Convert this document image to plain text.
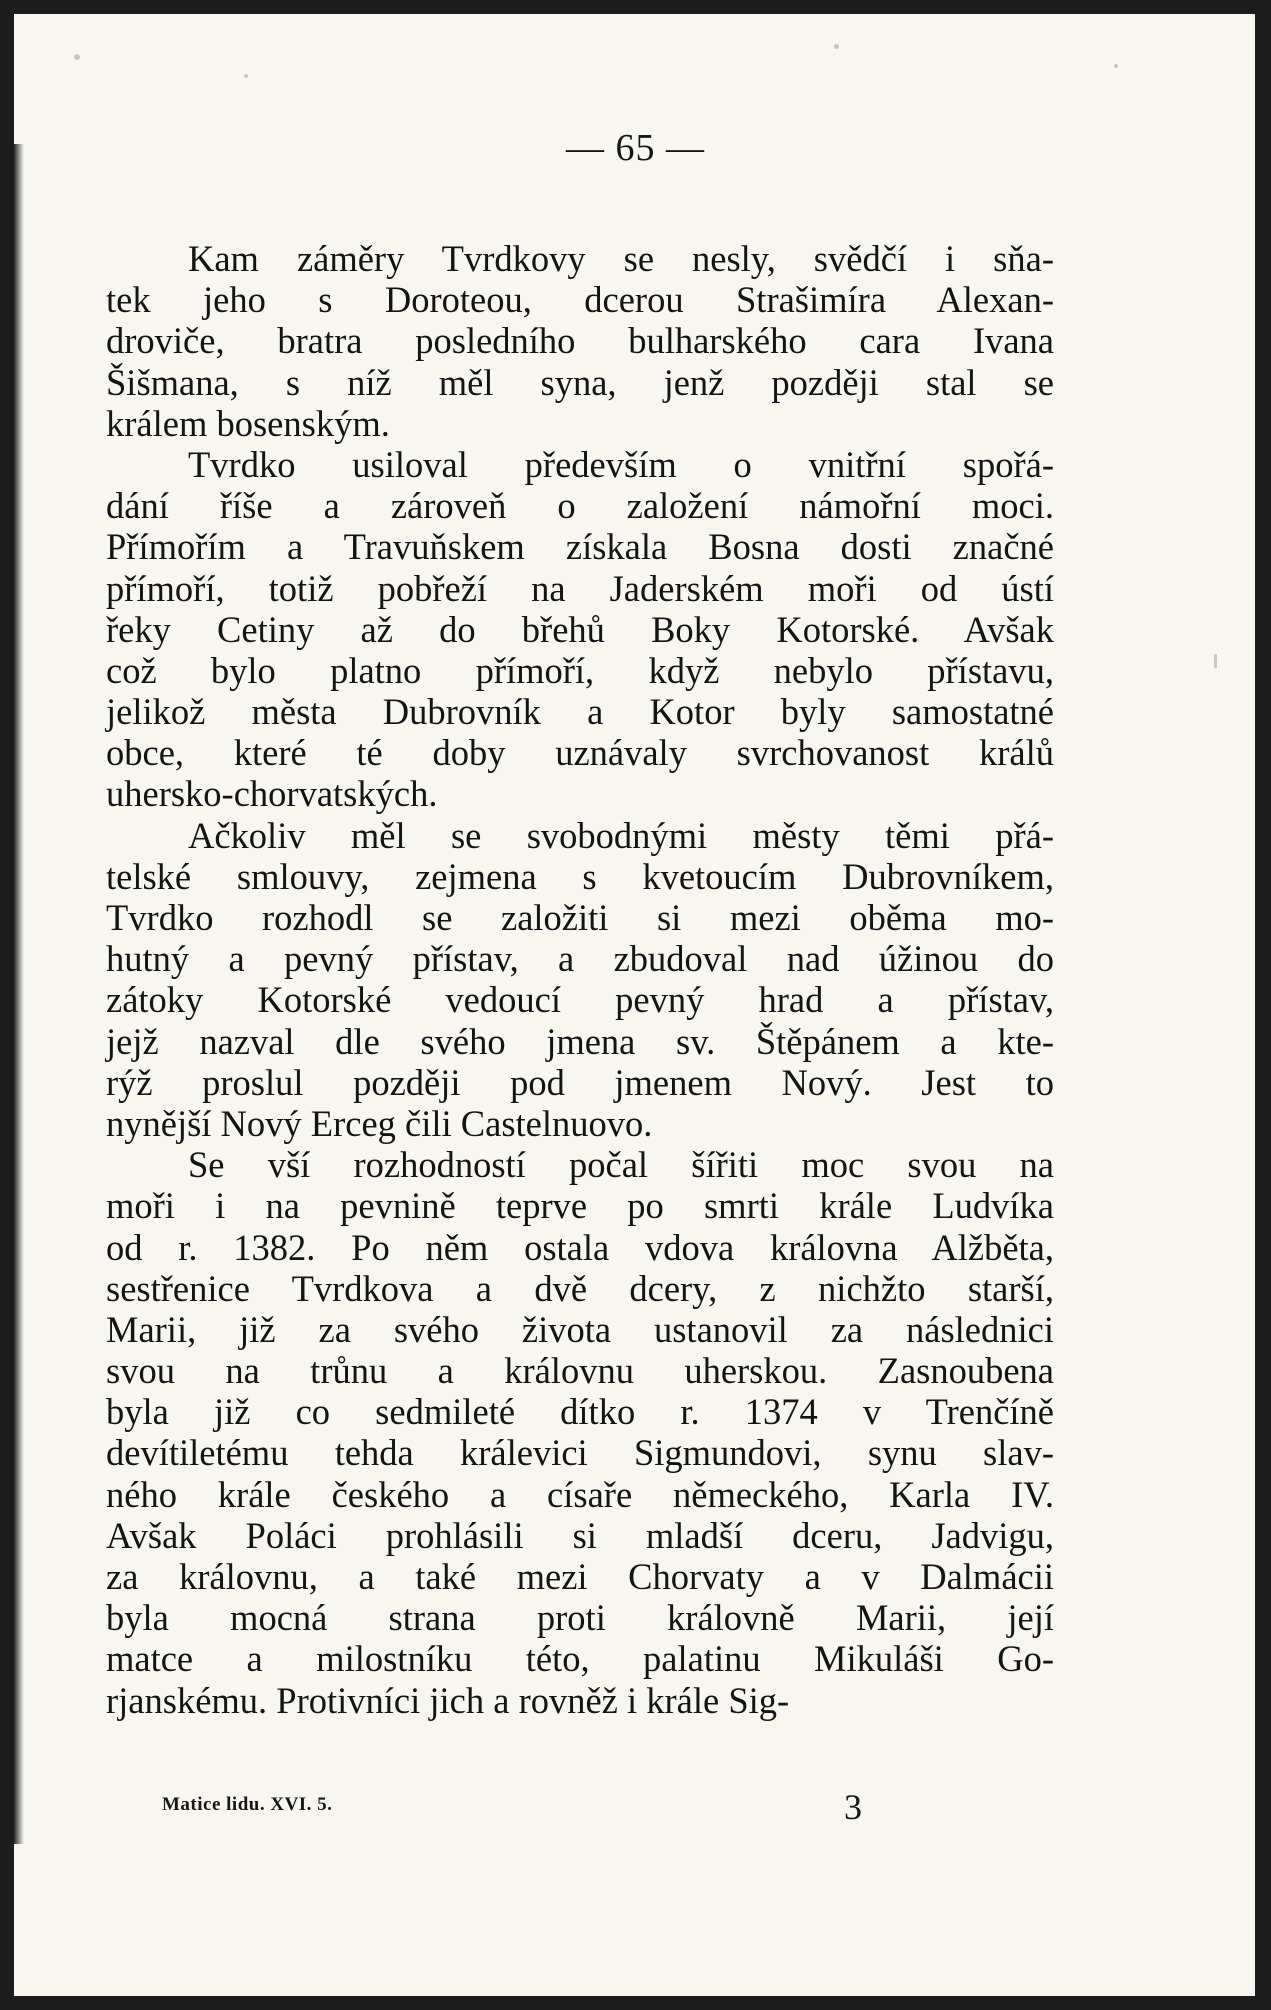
— 65 —
Kam záměry Tvrdkovy se nesly, svědčí i sňa-
tek jeho s Doroteou, dcerou Strašimíra Alexan-
droviče, bratra posledního bulharského cara Ivana
Šišmana, s níž měl syna, jenž později stal se
králem bosenským.
Tvrdko usiloval především o vnitřní spořá-
dání říše a zároveň o založení námořní moci.
Přímořím a Travuňskem získala Bosna dosti značné
přímoří, totiž pobřeží na Jaderském moři od ústí
řeky Cetiny až do břehů Boky Kotorské. Avšak
což bylo platno přímoří, když nebylo přístavu,
jelikož města Dubrovník a Kotor byly samostatné
obce, které té doby uznávaly svrchovanost králů
uhersko-chorvatských.
Ačkoliv měl se svobodnými městy těmi přá-
telské smlouvy, zejmena s kvetoucím Dubrovníkem,
Tvrdko rozhodl se založiti si mezi oběma mo-
hutný a pevný přístav, a zbudoval nad úžinou do
zátoky Kotorské vedoucí pevný hrad a přístav,
jejž nazval dle svého jmena sv. Štěpánem a kte-
rýž proslul později pod jmenem Nový. Jest to
nynější Nový Erceg čili Castelnuovo.
Se vší rozhodností počal šířiti moc svou na
moři i na pevnině teprve po smrti krále Ludvíka
od r. 1382. Po něm ostala vdova královna Alžběta,
sestřenice Tvrdkova a dvě dcery, z nichžto starší,
Marii, již za svého života ustanovil za následnici
svou na trůnu a královnu uherskou. Zasnoubena
byla již co sedmileté dítko r. 1374 v Trenčíně
devítiletému tehda králevici Sigmundovi, synu slav-
ného krále českého a císaře německého, Karla IV.
Avšak Poláci prohlásili si mladší dceru, Jadvigu,
za královnu, a také mezi Chorvaty a v Dalmácii
byla mocná strana proti královně Marii, její
matce a milostníku této, palatinu Mikuláši Go-
rjanskému. Protivníci jich a rovněž i krále Sig-
Matice lidu. XVI. 5.	3
